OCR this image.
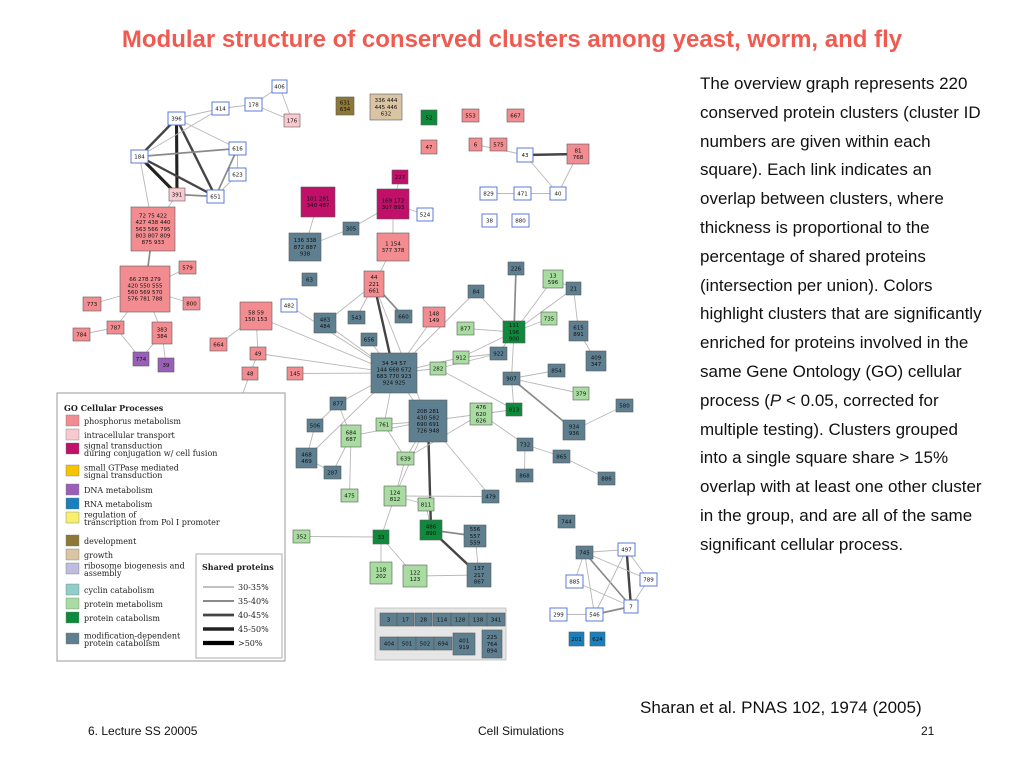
Modular structure of conserved clusters among yeast, worm, and fly
The overview graph represents 220 conserved protein clusters (cluster ID numbers are given within each square). Each link indicates an overlap between clusters, where thickness is proportional to the percentage of shared proteins (intersection per union). Colors highlight clusters that are significantly enriched for proteins involved in the same Gene Ontology (GO) cellular process (P < 0.05, corrected for multiple testing). Clusters grouped into a single square share > 15% overlap with at least one other cluster in the group, and are all of the same significant cellular process.
Sharan et al. PNAS 102, 1974 (2005)
6. Lecture SS 20005	Cell Simulations	21
406
414
178
176
396
616
184
623
391	651
631
634
336 444
445 446
632
52
47
553	667
6	575
43
81
768
227
101 281
340 487
169 172
307 893
524
829	471	40
38	880
72 75 422
427 438 440
563 566 795
803 807 809
875 933
305
136 338
872 887
938
1 154
377 378
63
579
66 278 279
420 550 555
560 569 570
576 781 788
773	800
787	383
384
784
774
39
44
221
661
226
13
596
84	21
482
58 59
150 153	483
484
543	660	148
149
877
131
196
900
735
615
891
664
656
49
34 54 57
144 668 672
683 770 923
924 925
912
922
409
347
48	145
282	854
907
877
379
208 281
430 582
690 691
726 948
476
620
626
813
580
934
936
506
684
687
761
732
865
468
469	639
287	868	886
475	124
812	479
811
744
352	33
486
890
556
557
559
497
745
789
885
118
202
122
123
137
217
867
7
299	546
201 624
3 17 28 114 128 138 341
404 501 502 694 401
919
225
764
894
GO Cellular Processes
phosphorus metabolism
intracellular transport
signal transduction
during conjugation w/ cell fusion
small GTPase mediated
signal transduction
DNA metabolism
RNA metabolism
regulation of
transcription from Pol I promoter
development
growth
ribosome biogenesis and
assembly
cyclin catabolism
protein metabolism
protein catabolism
modification-dependent
protein catabolism
Shared proteins
30-35%
35-40%
40-45%
45-50%
>50%
